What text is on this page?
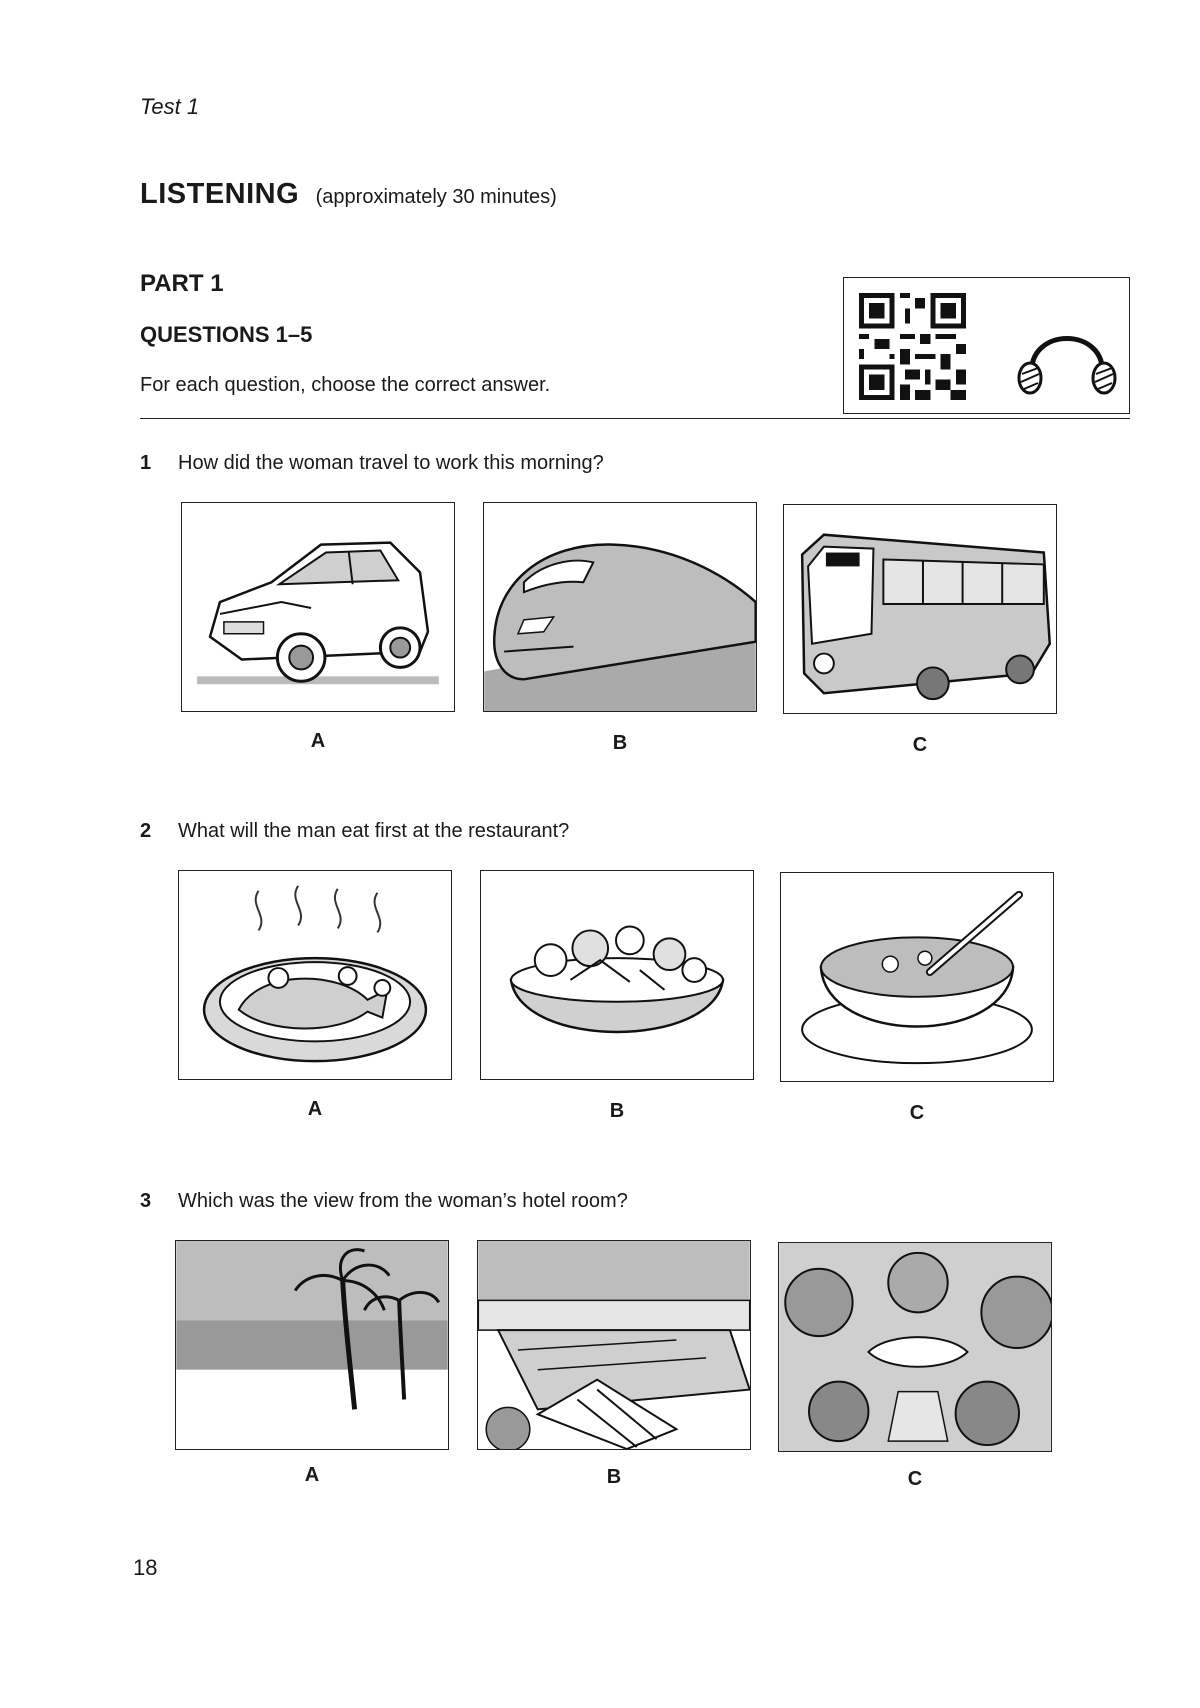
Test 1
LISTENING (approximately 30 minutes)
PART 1
QUESTIONS 1–5
For each question, choose the correct answer.
1 How did the woman travel to work this morning?
A	B	C
2 What will the man eat first at the restaurant?
A	B	C
3 Which was the view from the woman’s hotel room?
A	B	C
18
